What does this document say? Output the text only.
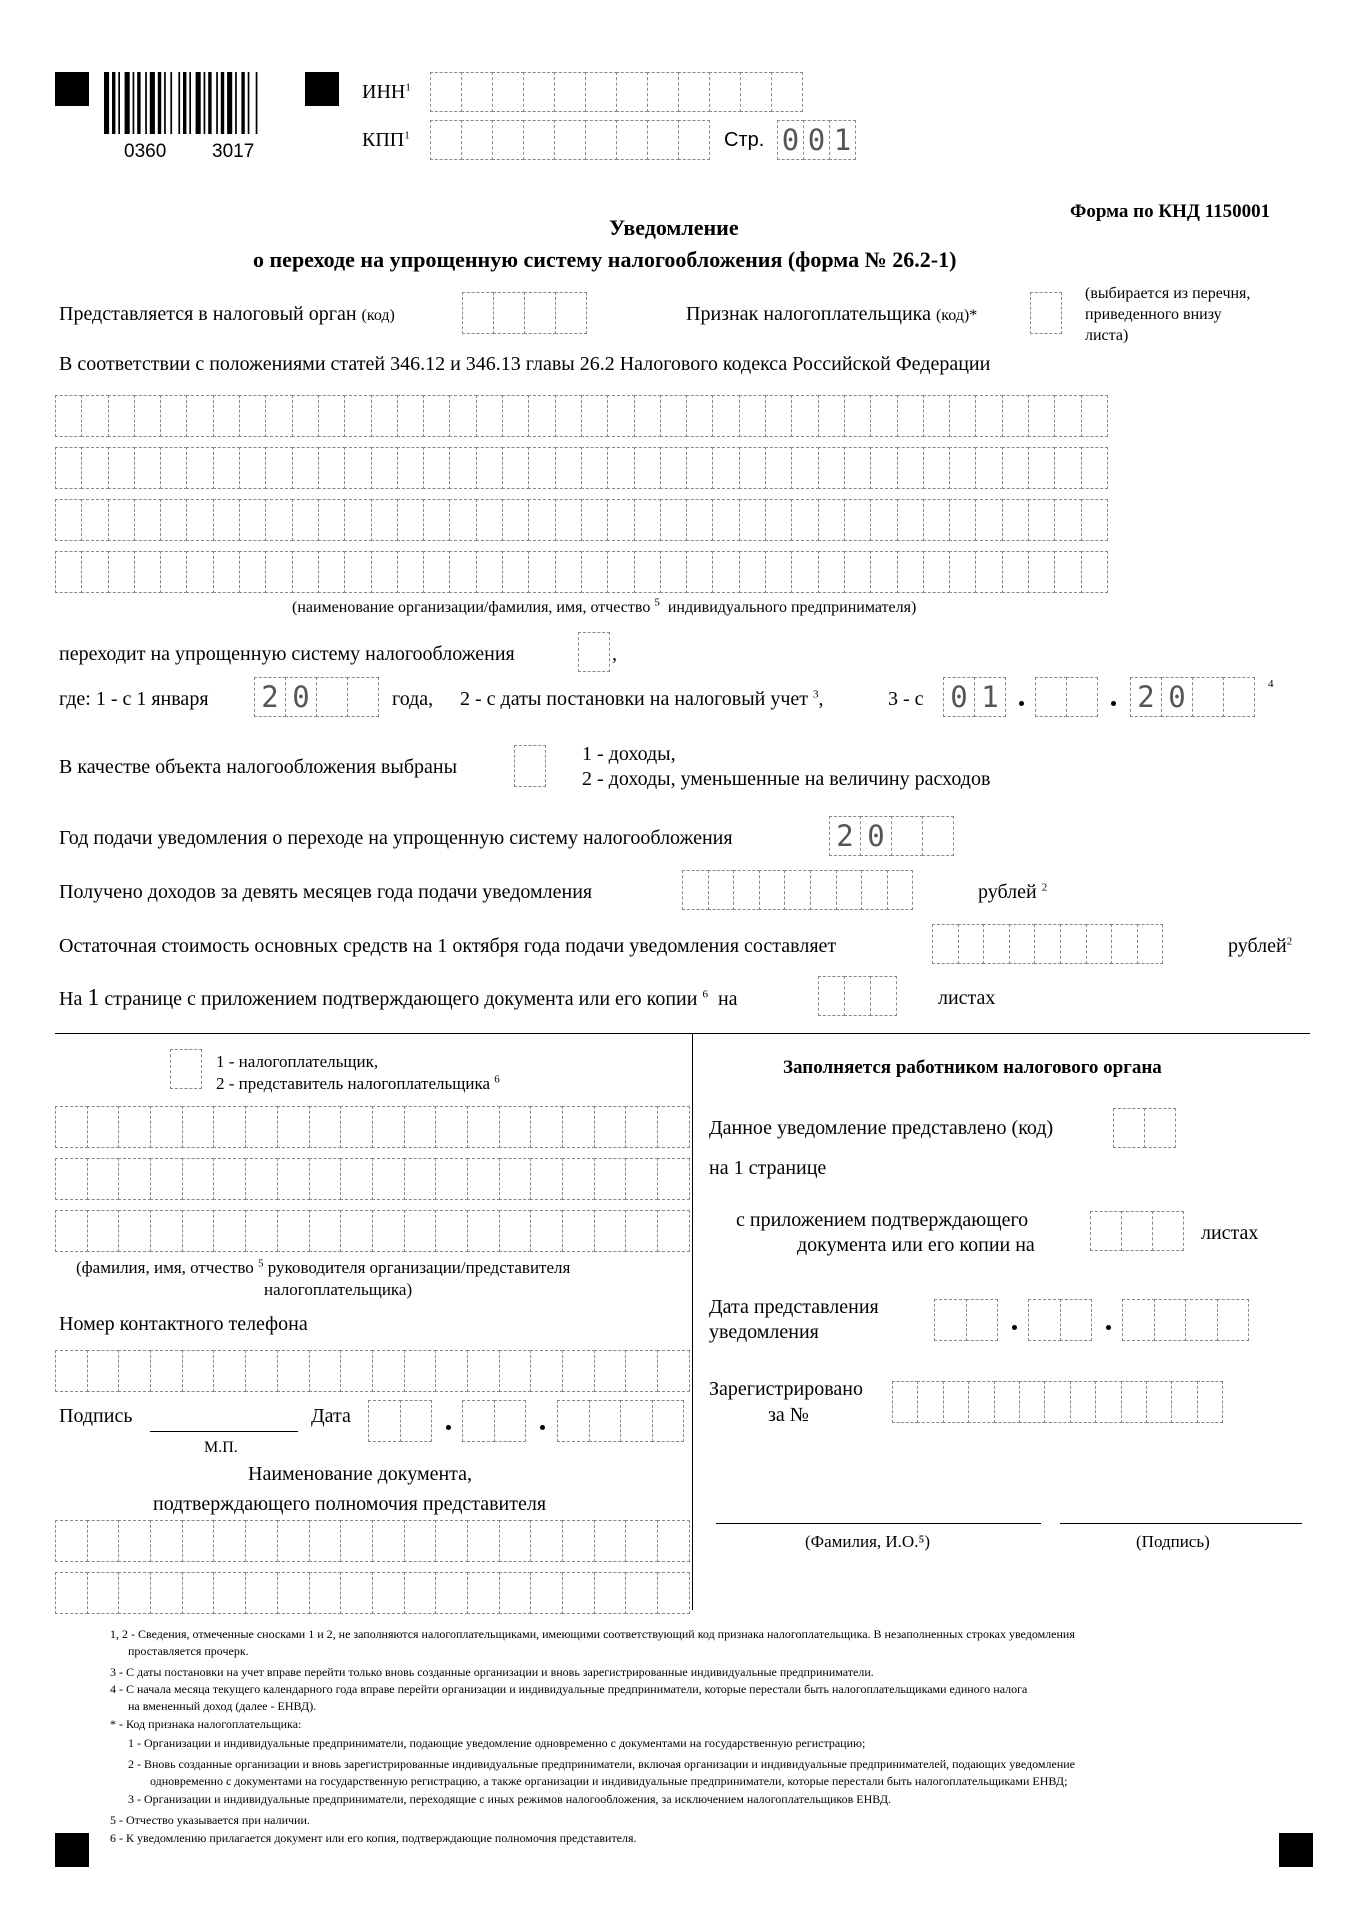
0360 3017
ИНН$^1$
КПП$^1$	Стр. 0 0 1
Форма по КНД 1150001
Уведомление
о переходе на упрощенную систему налогообложения (форма № 26.2-1)
Представляется в налоговый орган (код)	Признак налогоплательщика (код)*
(выбирается из перечня,
приведенного внизу
листа)
В соответствии с положениями статей 346.12 и 346.13 главы 26.2 Налогового кодекса Российской Федерации
(наименование организации/фамилия, имя, отчество $^5$ индивидуального предпринимателя)
переходит на упрощенную систему налогообложения	,
где: 1 - с 1 января 2 0	года, 2 - с даты постановки на налоговый учет $^3$,	3 - с 0 1	2 0	4
В качестве объекта налогообложения выбраны
1 - доходы,
2 - доходы, уменьшенные на величину расходов
Год подачи уведомления о переходе на упрощенную систему налогообложения	2 0
Получено доходов за девять месяцев года подачи уведомления	рублей $^2$
Остаточная стоимость основных средств на 1 октября года подачи уведомления составляет	рублей$^2$
На 1 странице с приложением подтверждающего документа или его копии $^6$ на	листах
1 - налогоплательщик,
2 - представитель налогоплательщика $^6$
(фамилия, имя, отчество $^5$ руководителя организации/представителя
налогоплательщика)
Номер контактного телефона
Подпись
М.П.
Дата
Наименование документа,
подтверждающего полномочия представителя
Заполняется работником налогового органа
Данное уведомление представлено (код)
на 1 странице
с приложением подтверждающего
документа или его копии на
листах
Дата представления
уведомления
Зарегистрировано
за №
(Фамилия, И.О.⁵)	(Подпись)
1, 2 - Сведения, отмеченные сносками 1 и 2, не заполняются налогоплательщиками, имеющими соответствующий код признака налогоплательщика. В незаполненных строках уведомления
проставляется прочерк.
3 - С даты постановки на учет вправе перейти только вновь созданные организации и вновь зарегистрированные индивидуальные предприниматели.
4 - С начала месяца текущего календарного года вправе перейти организации и индивидуальные предприниматели, которые перестали быть налогоплательщиками единого налога
на вмененный доход (далее - ЕНВД).
* - Код признака налогоплательщика:
1 - Организации и индивидуальные предприниматели, подающие уведомление одновременно с документами на государственную регистрацию;
2 - Вновь созданные организации и вновь зарегистрированные индивидуальные предприниматели, включая организации и индивидуальные предпринимателей, подающих уведомление
одновременно с документами на государственную регистрацию, а также организации и индивидуальные предприниматели, которые перестали быть налогоплательщиками ЕНВД;
3 - Организации и индивидуальные предприниматели, переходящие с иных режимов налогообложения, за исключением налогоплательщиков ЕНВД.
5 - Отчество указывается при наличии.
6 - К уведомлению прилагается документ или его копия, подтверждающие полномочия представителя.
